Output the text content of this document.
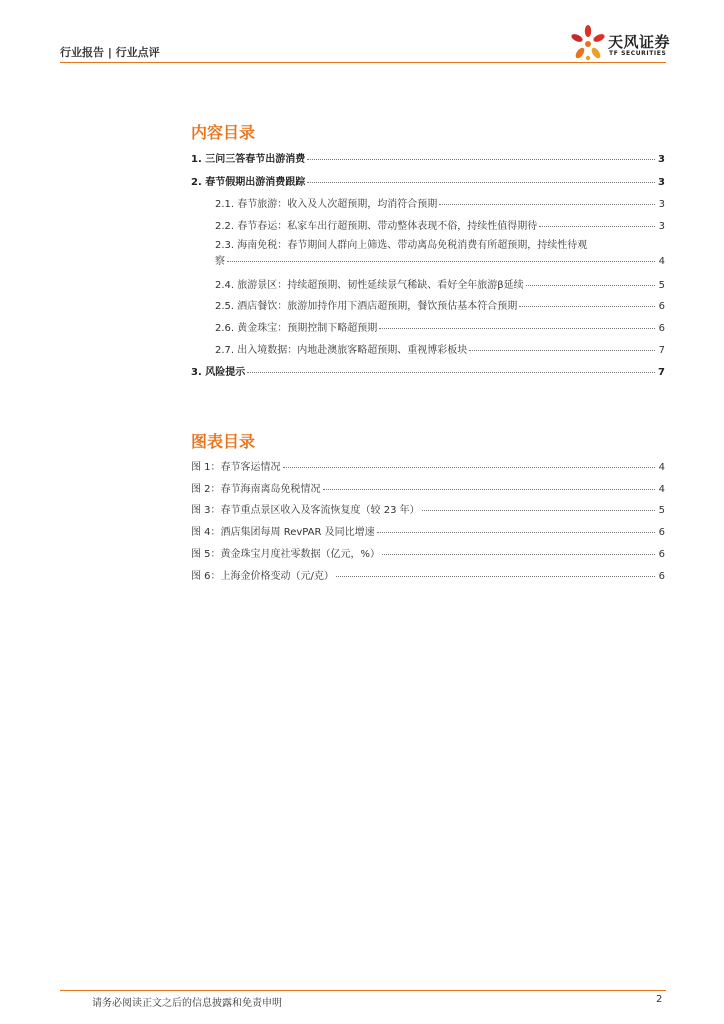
行业报告 | 行业点评
天风证券
TF SECURITIES
内容目录
1. 三问三答春节出游消费	3
2. 春节假期出游消费跟踪	3
2.1. 春节旅游：收入及人次超预期，均消符合预期	3
2.2. 春节春运：私家车出行超预期、带动整体表现不俗，持续性值得期待	3
2.3. 海南免税：春节期间人群向上筛选、带动离岛免税消费有所超预期，持续性待观
察	4
2.4. 旅游景区：持续超预期、韧性延续景气稀缺、看好全年旅游β延续	5
2.5. 酒店餐饮：旅游加持作用下酒店超预期，餐饮预估基本符合预期	6
2.6. 黄金珠宝：预期控制下略超预期	6
2.7. 出入境数据：内地赴澳旅客略超预期、重视博彩板块	7
3. 风险提示	7
图表目录
图 1：春节客运情况	4
图 2：春节海南离岛免税情况	4
图 3：春节重点景区收入及客流恢复度（较 23 年）	5
图 4：酒店集团每周 RevPAR 及同比增速	6
图 5：黄金珠宝月度社零数据（亿元，%）	6
图 6：上海金价格变动（元/克）	6
请务必阅读正文之后的信息披露和免责申明	2
